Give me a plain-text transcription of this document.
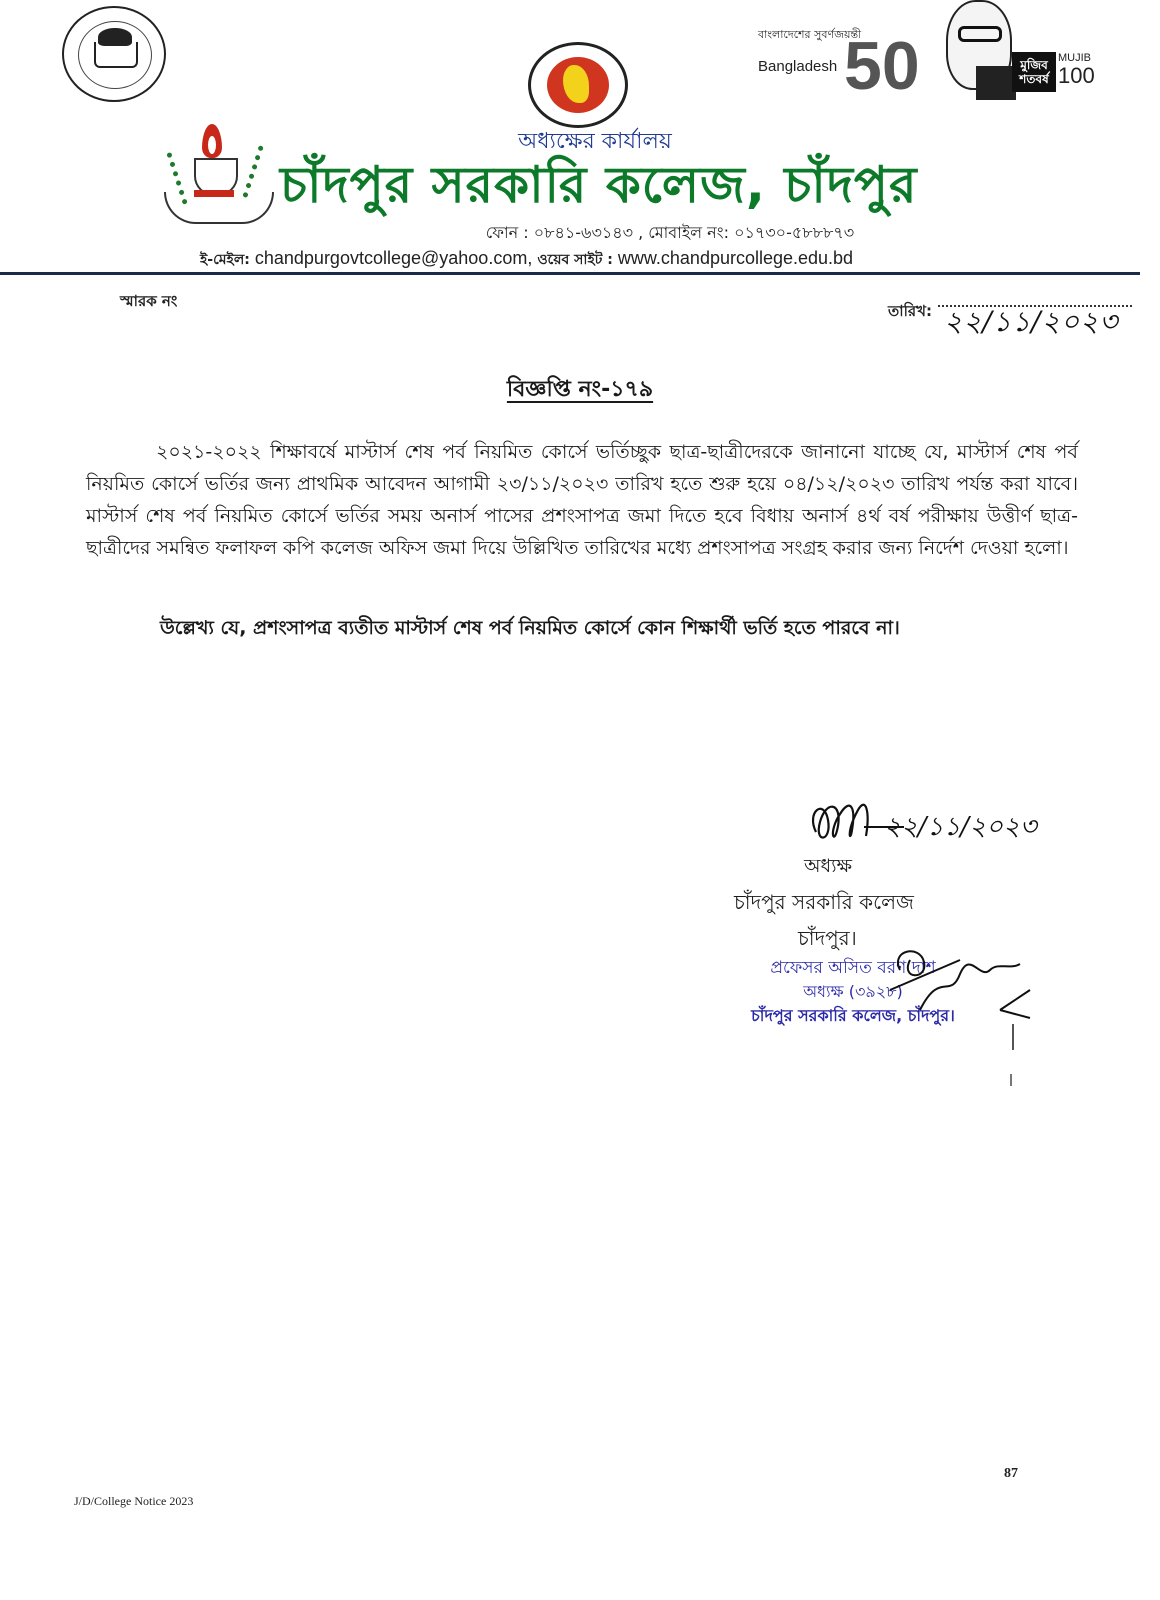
বাংলাদেশের সুবর্ণজয়ন্তী
Bangladesh 50	মুজিব শতবর্ষ
MUJIB
100
অধ্যক্ষের কার্যালয়
চাঁদপুর সরকারি কলেজ, চাঁদপুর
ফোন : ০৮৪১-৬৩১৪৩ , মোবাইল নং: ০১৭৩০-৫৮৮৮৭৩
ই-মেইল: chandpurgovtcollege@yahoo.com, ওয়েব সাইট : www.chandpurcollege.edu.bd
স্মারক নং
তারিখ: ২২/১১/২০২৩
বিজ্ঞপ্তি নং-১৭৯
২০২১-২০২২ শিক্ষাবর্ষে মাস্টার্স শেষ পর্ব নিয়মিত কোর্সে ভর্তিচ্ছুক ছাত্র-ছাত্রীদেরকে জানানো যাচ্ছে যে, মাস্টার্স শেষ পর্ব নিয়মিত কোর্সে ভর্তির জন্য প্রাথমিক আবেদন আগামী ২৩/১১/২০২৩ তারিখ হতে শুরু হয়ে ০৪/১২/২০২৩ তারিখ পর্যন্ত করা যাবে। মাস্টার্স শেষ পর্ব নিয়মিত কোর্সে ভর্তির সময় অনার্স পাসের প্রশংসাপত্র জমা দিতে হবে বিধায় অনার্স ৪র্থ বর্ষ পরীক্ষায় উত্তীর্ণ ছাত্র-ছাত্রীদের সমন্বিত ফলাফল কপি কলেজ অফিস জমা দিয়ে উল্লিখিত তারিখের মধ্যে প্রশংসাপত্র সংগ্রহ করার জন্য নির্দেশ দেওয়া হলো।
উল্লেখ্য যে, প্রশংসাপত্র ব্যতীত মাস্টার্স শেষ পর্ব নিয়মিত কোর্সে কোন শিক্ষার্থী ভর্তি হতে পারবে না।
২২/১১/২০২৩
অধ্যক্ষ
চাঁদপুর সরকারি কলেজ
চাঁদপুর।
প্রফেসর অসিত বরণ দাশ
অধ্যক্ষ (৩৯২৮)
চাঁদপুর সরকারি কলেজ, চাঁদপুর।
87
J/D/College Notice 2023
